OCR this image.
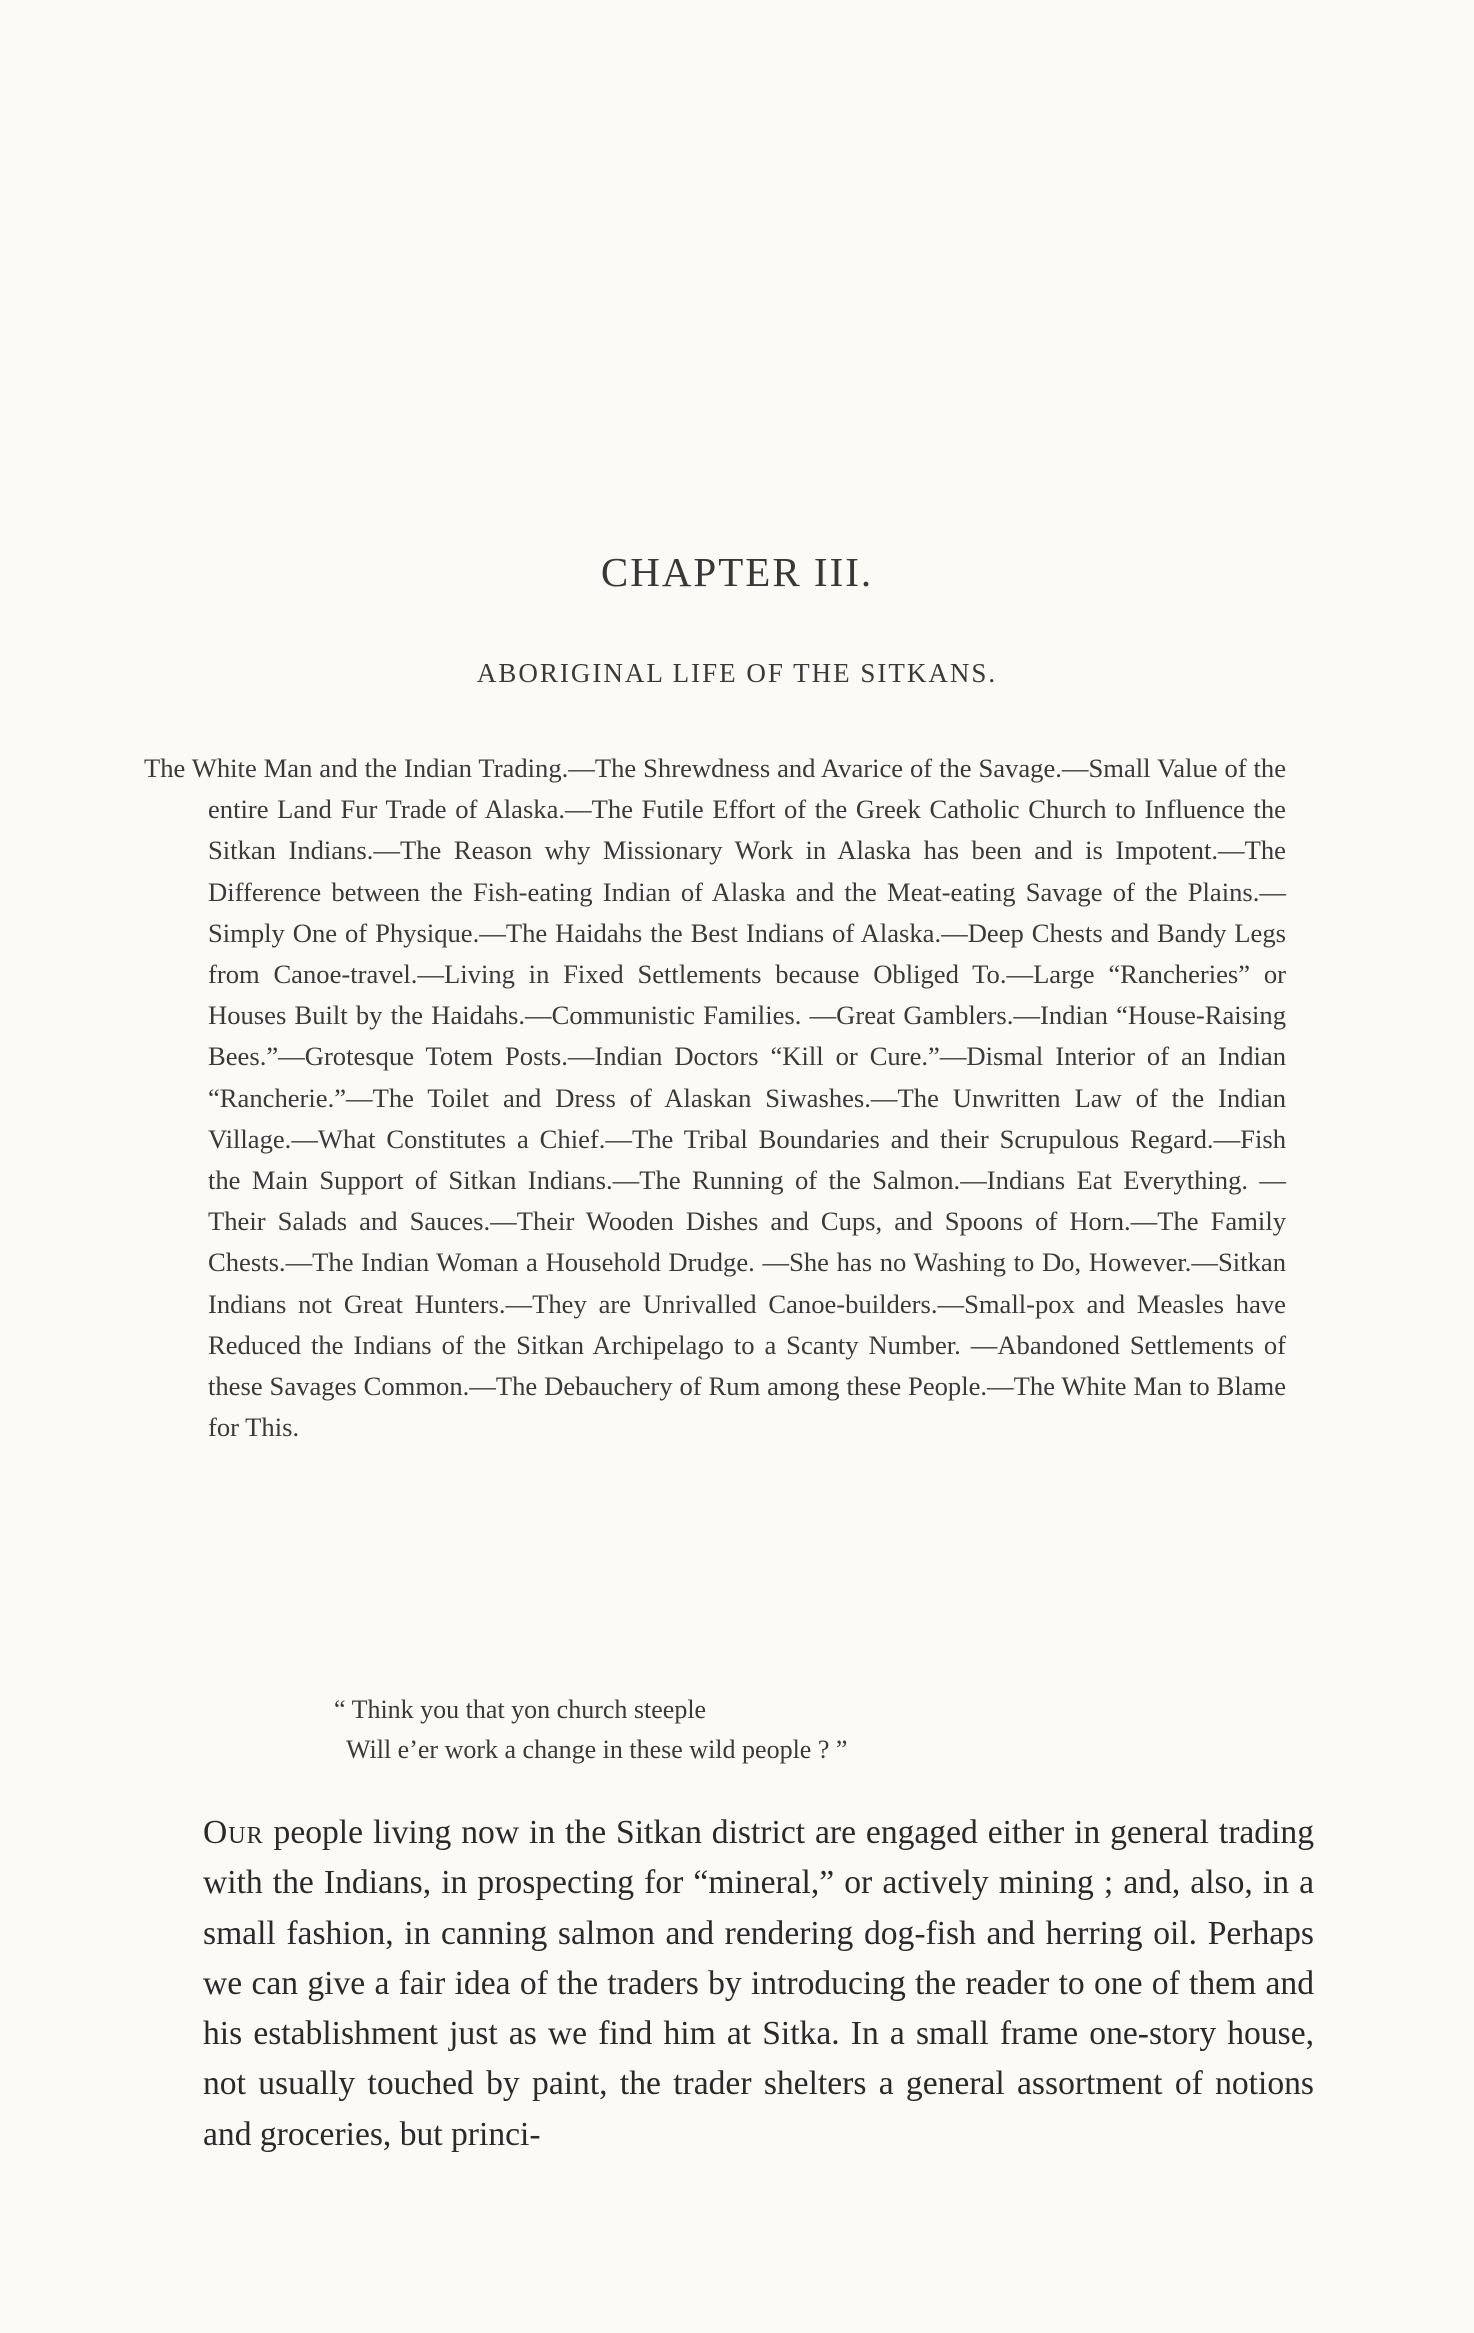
CHAPTER III.
ABORIGINAL LIFE OF THE SITKANS.
The White Man and the Indian Trading.—The Shrewdness and Avarice of the Savage.—Small Value of the entire Land Fur Trade of Alaska.—The Futile Effort of the Greek Catholic Church to Influence the Sitkan Indians.—The Reason why Missionary Work in Alaska has been and is Impotent.—The Difference between the Fish-eating Indian of Alaska and the Meat-eating Savage of the Plains.—Simply One of Physique.—The Haidahs the Best Indians of Alaska.—Deep Chests and Bandy Legs from Canoe-travel.—Living in Fixed Settlements because Obliged To.—Large “Rancheries” or Houses Built by the Haidahs.—Communistic Families. —Great Gamblers.—Indian “House-Raising Bees.”—Grotesque Totem Posts.—Indian Doctors “Kill or Cure.”—Dismal Interior of an Indian “Rancherie.”—The Toilet and Dress of Alaskan Siwashes.—The Unwritten Law of the Indian Village.—What Constitutes a Chief.—The Tribal Boundaries and their Scrupulous Regard.—Fish the Main Support of Sitkan Indians.—The Running of the Salmon.—Indians Eat Everything. —Their Salads and Sauces.—Their Wooden Dishes and Cups, and Spoons of Horn.—The Family Chests.—The Indian Woman a Household Drudge. —She has no Washing to Do, However.—Sitkan Indians not Great Hunters.—They are Unrivalled Canoe-builders.—Small-pox and Measles have Reduced the Indians of the Sitkan Archipelago to a Scanty Number. —Abandoned Settlements of these Savages Common.—The Debauchery of Rum among these People.—The White Man to Blame for This.
“ Think you that yon church steeple
Will e’er work a change in these wild people ? ”
Our people living now in the Sitkan district are engaged either in general trading with the Indians, in prospecting for “mineral,” or actively mining ; and, also, in a small fashion, in canning salmon and rendering dog-fish and herring oil. Perhaps we can give a fair idea of the traders by introducing the reader to one of them and his establishment just as we find him at Sitka. In a small frame one-story house, not usually touched by paint, the trader shelters a general assortment of notions and groceries, but princi-
